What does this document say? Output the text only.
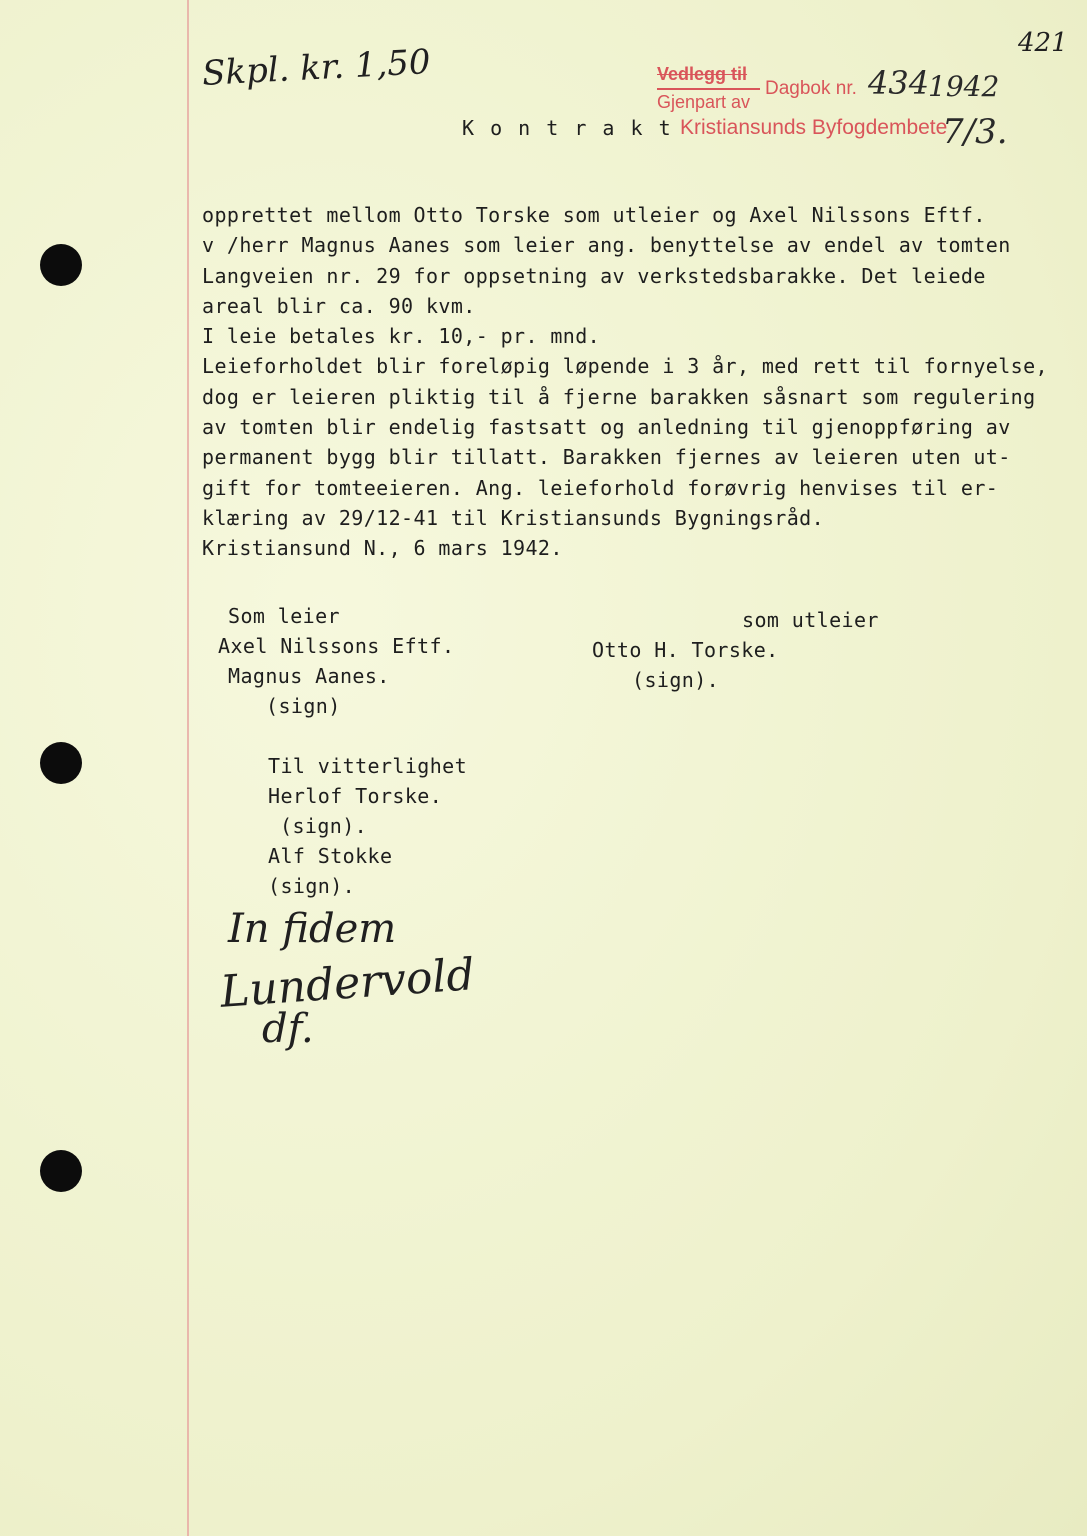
421
Skpl. kr. 1,50	Vedlegg til
Dagbok nr. 434
1942
Gjenpart av
Kristiansunds Byfogdembete
7/3.
K o n t r a k t
opprettet mellom Otto Torske som utleier og Axel Nilssons Eftf.
v /herr Magnus Aanes som leier ang. benyttelse av endel av tomten
Langveien nr. 29 for oppsetning av verkstedsbarakke. Det leiede
areal blir ca. 90 kvm.
I leie betales kr. 10,- pr. mnd.
Leieforholdet blir foreløpig løpende i 3 år, med rett til fornyelse,
dog er leieren pliktig til å fjerne barakken såsnart som regulering
av tomten blir endelig fastsatt og anledning til gjenoppføring av
permanent bygg blir tillatt. Barakken fjernes av leieren uten ut-
gift for tomteeieren. Ang. leieforhold forøvrig henvises til er-
klæring av 29/12-41 til Kristiansunds Bygningsråd.
Kristiansund N., 6 mars 1942.
Som leier
Axel Nilssons Eftf.
Magnus Aanes.
(sign)
som utleier
Otto H. Torske.
(sign).
Til vitterlighet
Herlof Torske.
(sign).
Alf Stokke
(sign).
In fidem
Lundervold
df.
